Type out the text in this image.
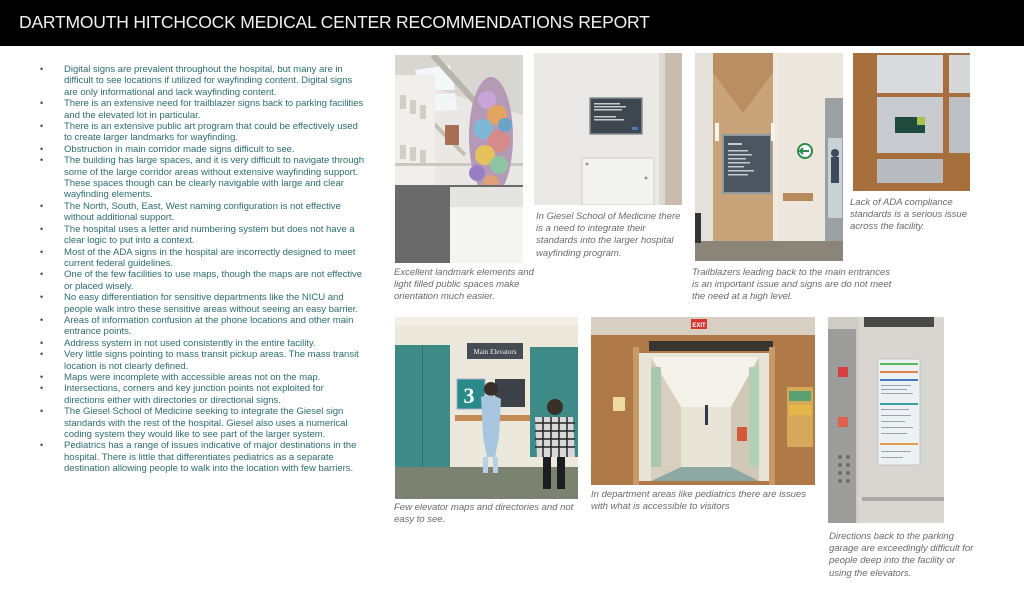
DARTMOUTH HITCHCOCK MEDICAL CENTER RECOMMENDATIONS REPORT
• Digital signs are prevalent throughout the hospital, but many are in difficult to see locations if utilized for wayfinding content. Digital signs are only informational and lack wayfinding content.
• There is an extensive need for trailblazer signs back to parking facilities and the elevated lot in particular.
• There is an extensive public art program that could be effectively used to create larger landmarks for wayfinding.
• Obstruction in main corridor made signs difficult to see.
• The building has large spaces, and it is very difficult to navigate through some of the large corridor areas without extensive wayfinding support. These spaces though can be clearly navigable with large and clear wayfinding elements.
• The North, South, East, West naming configuration is not effective without additional support.
• The hospital uses a letter and numbering system but does not have a clear logic to put into a context.
• Most of the ADA signs in the hospital are incorrectly designed to meet current federal guidelines.
• One of the few facilities to use maps, though the maps are not effective or placed wisely.
• No easy differentiation for sensitive departments like the NICU and people walk intro these sensitive areas without seeing an easy barrier.
• Areas of information confusion at the phone locations and other main entrance points.
• Address system in not used consistently in the entire facility.
• Very little signs pointing to mass transit pickup areas. The mass transit location is not clearly defined.
• Maps were incomplete with accessible areas not on the map.
• Intersections, corners and key junction points not exploited for directions either with directories or directional signs.
• The Giesel School of Medicine seeking to integrate the Giesel sign standards with the rest of the hospital. Giesel also uses a numerical coding system they would like to see part of the larger system.
• Pediatrics has a range of issues indicative of major destinations in the hospital. There is little that differentiates pediatrics as a separate destination allowing people to walk into the location with few barriers.
Excellent landmark elements and light filled public spaces make orientation much easier.
In Giesel School of Medicine there is a need to integrate their standards into the larger hospital wayfinding program.
Trailblazers leading back to the main entrances is an important issue and signs are do not meet the need at a high level.
Lack of ADA compliance standards is a serious issue across the facility.
Main Elevators
3
Few elevator maps and directories and not easy to see.
EXIT
In department areas like pediatrics there are issues with what is accessible to visitors
Directions back to the parking garage are exceedingly difficult for people deep into the facility or using the elevators.
